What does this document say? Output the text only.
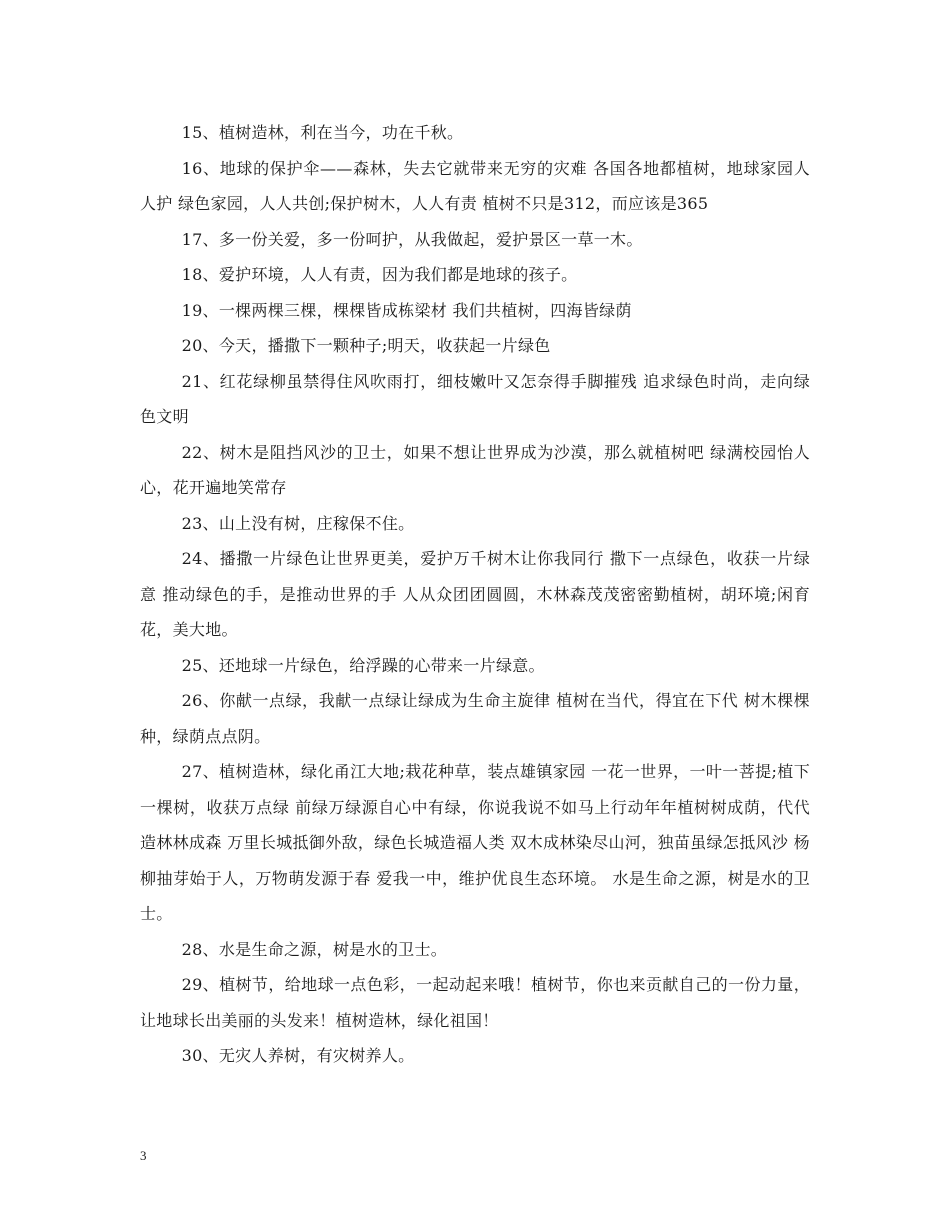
15、植树造林，利在当今，功在千秋。

16、地球的保护伞——森林，失去它就带来无穷的灾难 各国各地都植树，地球家园人人护 绿色家园，人人共创;保护树木，人人有责 植树不只是312，而应该是365

17、多一份关爱，多一份呵护，从我做起，爱护景区一草一木。

18、爱护环境，人人有责，因为我们都是地球的孩子。

19、一棵两棵三棵，棵棵皆成栋梁材 我们共植树，四海皆绿荫

20、今天，播撒下一颗种子;明天，收获起一片绿色

21、红花绿柳虽禁得住风吹雨打，细枝嫩叶又怎奈得手脚摧残 追求绿色时尚，走向绿色文明

22、树木是阻挡风沙的卫士，如果不想让世界成为沙漠，那么就植树吧 绿满校园怡人心，花开遍地笑常存

23、山上没有树，庄稼保不住。

24、播撒一片绿色让世界更美，爱护万千树木让你我同行 撒下一点绿色，收获一片绿意 推动绿色的手，是推动世界的手 人从众团团圆圆，木林森茂茂密密勤植树，胡环境;闲育花，美大地。

25、还地球一片绿色，给浮躁的心带来一片绿意。

26、你献一点绿，我献一点绿让绿成为生命主旋律 植树在当代，得宜在下代 树木棵棵种，绿荫点点阴。

27、植树造林，绿化甬江大地;栽花种草，装点雄镇家园 一花一世界，一叶一菩提;植下一棵树，收获万点绿 前绿万绿源自心中有绿，你说我说不如马上行动年年植树树成荫，代代造林林成森 万里长城抵御外敌，绿色长城造福人类 双木成林染尽山河，独苗虽绿怎抵风沙 杨柳抽芽始于人，万物萌发源于春 爱我一中，维护优良生态环境。 水是生命之源，树是水的卫士。

28、水是生命之源，树是水的卫士。

29、植树节，给地球一点色彩，一起动起来哦！植树节，你也来贡献自己的一份力量，让地球长出美丽的头发来！植树造林，绿化祖国！

30、无灾人养树，有灾树养人。

3
